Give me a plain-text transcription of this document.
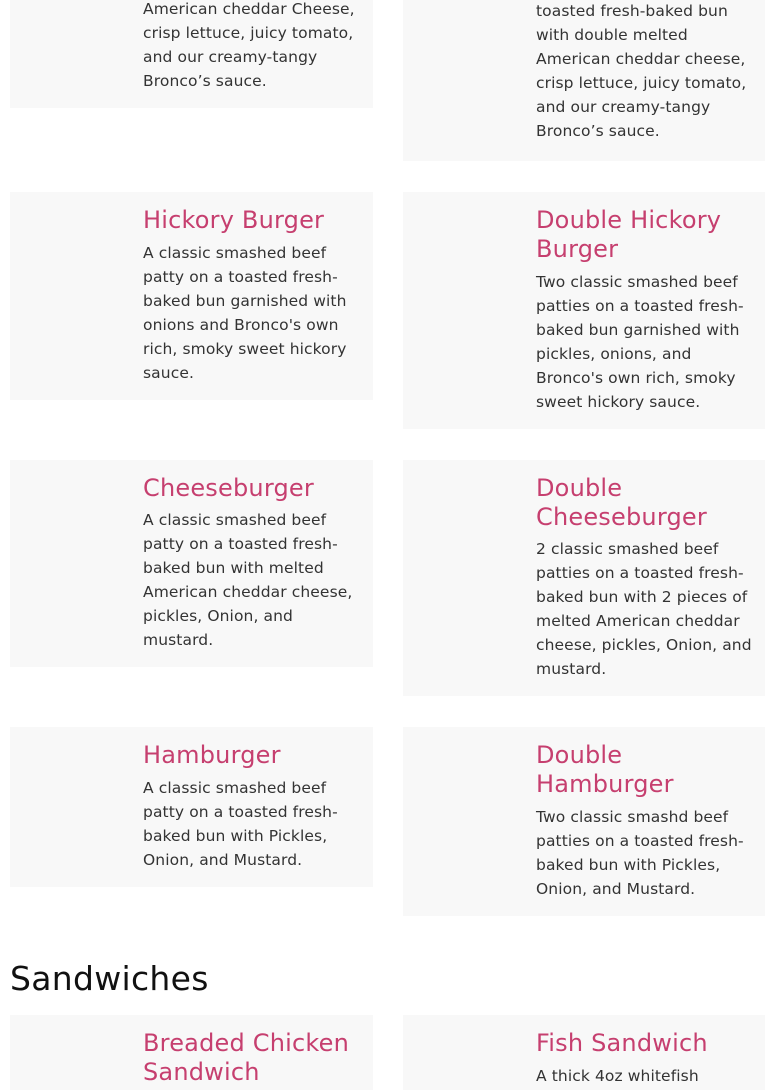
American cheddar Cheese, crisp lettuce, juicy tomato, and our creamy-tangy Bronco’s sauce.

toasted fresh-baked bun with double melted American cheddar cheese, crisp lettuce, juicy tomato, and our creamy-tangy Bronco’s sauce.

Hickory Burger

A classic smashed beef patty on a toasted fresh-baked bun garnished with onions and Bronco's own rich, smoky sweet hickory sauce.

Double Hickory Burger

Two classic smashed beef patties on a toasted fresh-baked bun garnished with pickles, onions, and Bronco's own rich, smoky sweet hickory sauce.

Cheeseburger

A classic smashed beef patty on a toasted fresh-baked bun with melted American cheddar cheese, pickles, Onion, and mustard.

Double Cheeseburger

2 classic smashed beef patties on a toasted fresh-baked bun with 2 pieces of melted American cheddar cheese, pickles, Onion, and mustard.

Hamburger

A classic smashed beef patty on a toasted fresh-baked bun with Pickles, Onion, and Mustard.

Double Hamburger

Two classic smashd beef patties on a toasted fresh-baked bun with Pickles, Onion, and Mustard.

Sandwiches
Breaded Chicken Sandwich
Fish Sandwich

A thick 4oz whitefish
